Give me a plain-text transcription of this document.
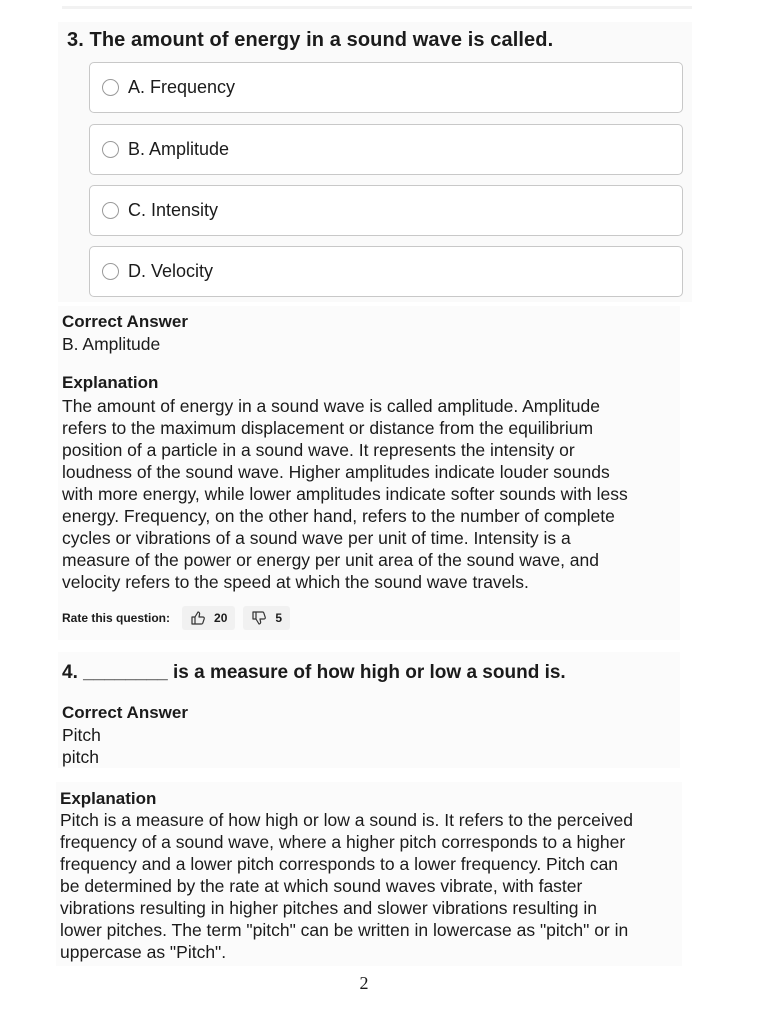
3. The amount of energy in a sound wave is called.
A. Frequency
B. Amplitude
C. Intensity
D. Velocity
Correct Answer
B. Amplitude
Explanation
The amount of energy in a sound wave is called amplitude. Amplitude
refers to the maximum displacement or distance from the equilibrium
position of a particle in a sound wave. It represents the intensity or
loudness of the sound wave. Higher amplitudes indicate louder sounds
with more energy, while lower amplitudes indicate softer sounds with less
energy. Frequency, on the other hand, refers to the number of complete
cycles or vibrations of a sound wave per unit of time. Intensity is a
measure of the power or energy per unit area of the sound wave, and
velocity refers to the speed at which the sound wave travels.
Rate this question:	20	5
4. ________ is a measure of how high or low a sound is.
Correct Answer
Pitch
pitch
Explanation
Pitch is a measure of how high or low a sound is. It refers to the perceived
frequency of a sound wave, where a higher pitch corresponds to a higher
frequency and a lower pitch corresponds to a lower frequency. Pitch can
be determined by the rate at which sound waves vibrate, with faster
vibrations resulting in higher pitches and slower vibrations resulting in
lower pitches. The term "pitch" can be written in lowercase as "pitch" or in
uppercase as "Pitch".
2
